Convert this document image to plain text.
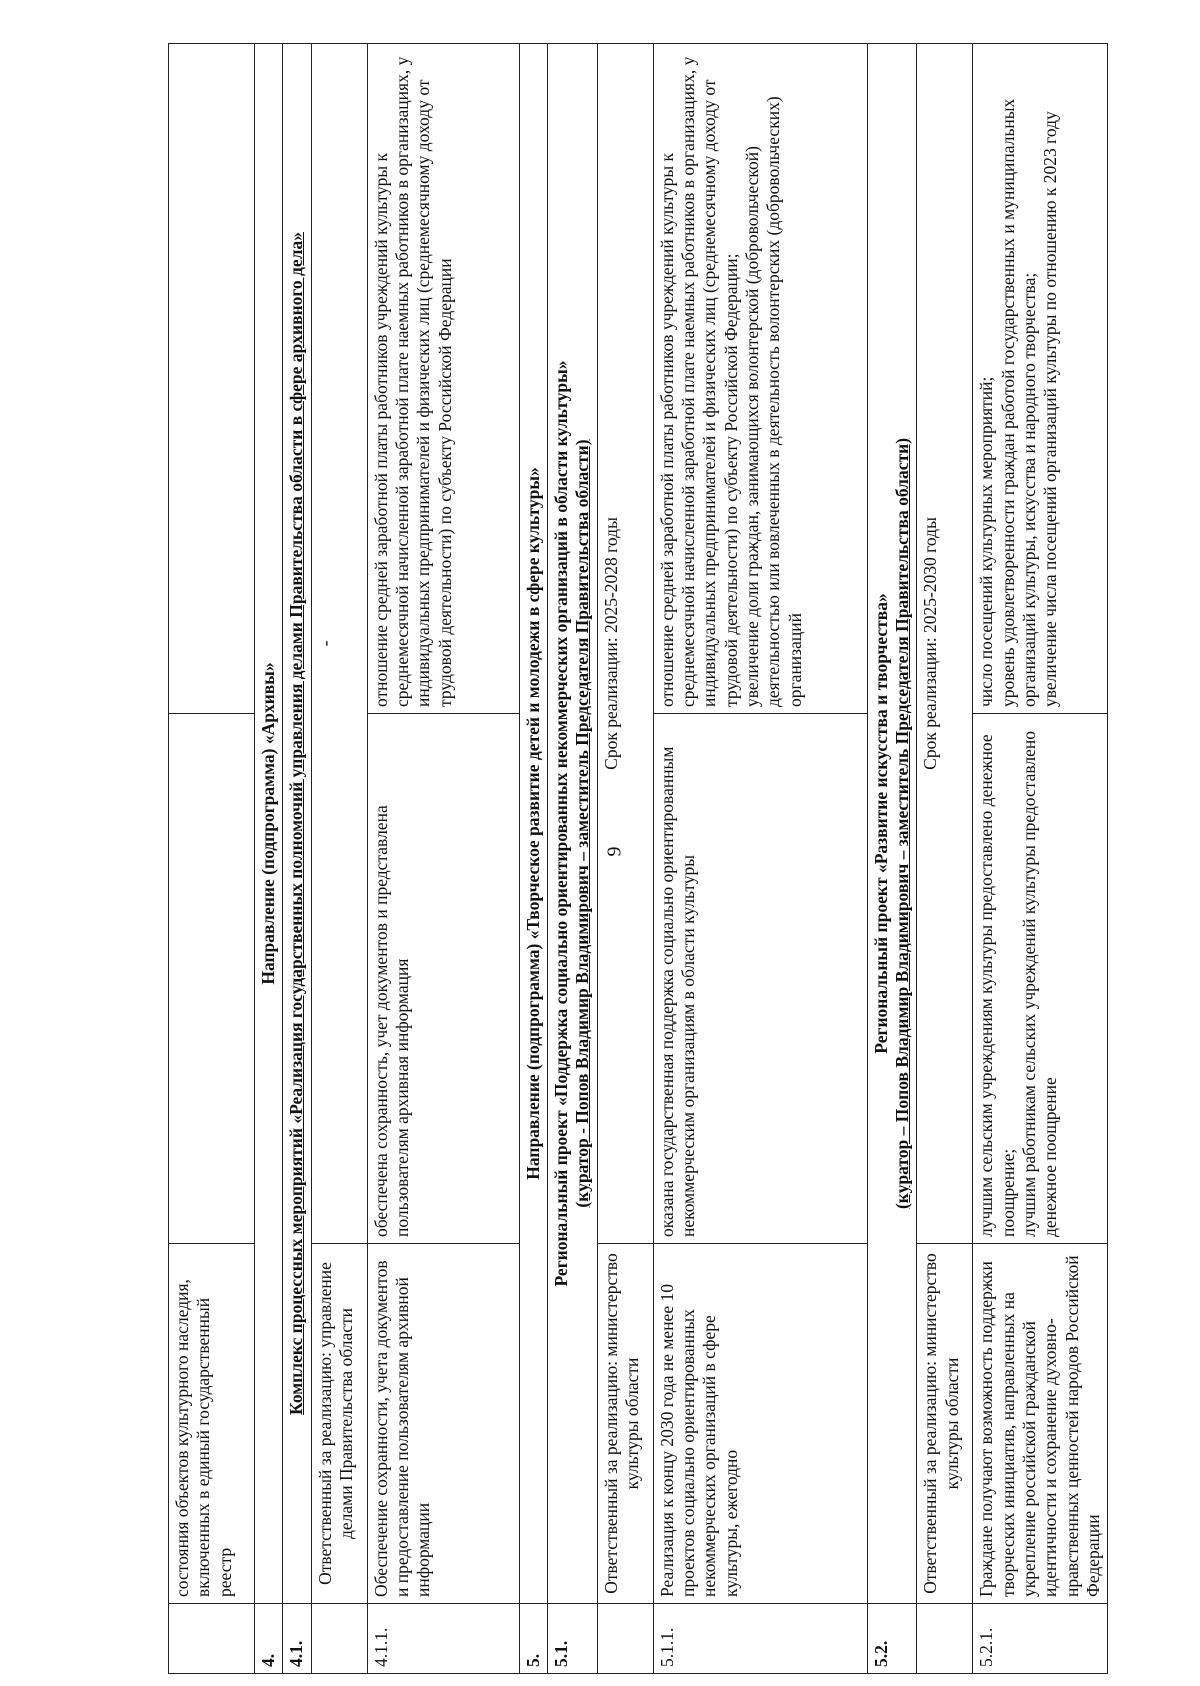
9
	состояния объектов культурного наследия, включенных в единый государственный реестр		
4.	Направление (подпрограмма) «Архивы»		
4.1.	Комплекс процессных мероприятий «Реализация государственных полномочий управления делами Правительства области в сфере архивного дела»		
	Ответственный за реализацию: управление делами Правительства области	-	
4.1.1.	Обеспечение сохранности, учета документов и предоставление пользователям архивной информации	обеспечена сохранность, учет документов и представлена пользователям архивная информация	отношение средней заработной платы работников учреждений культуры к среднемесячной начисленной заработной плате наемных работников в организациях, у индивидуальных предпринимателей и физических лиц (среднемесячному доходу от трудовой деятельности) по субъекту Российской Федерации
5.	Направление (подпрограмма) «Творческое развитие детей и молодежи в сфере культуры»		
5.1.	Региональный проект «Поддержка социально ориентированных некоммерческих организаций в области культуры» (куратор - Попов Владимир Владимирович – заместитель Председателя Правительства области)		

	Ответственный за реализацию: министерство культуры области	Срок реализации: 2025-2028 годы	
5.1.1.	Реализация к концу 2030 года не менее 10 проектов социально ориентированных некоммерческих организаций в сфере культуры, ежегодно	оказана государственная поддержка социально ориентированным некоммерческим организациям в области культуры	отношение средней заработной платы работников учреждений культуры к среднемесячной начисленной заработной плате наемных работников в организациях, у индивидуальных предпринимателей и физических лиц (среднемесячному доходу от трудовой деятельности) по субъекту Российской Федерации; увеличение доли граждан, занимающихся волонтерской (добровольческой) деятельностью или вовлеченных в деятельность волонтерских (добровольческих) организаций

5.2.	Региональный проект «Развитие искусства и творчества» (куратор – Попов Владимир Владимирович – заместитель Председателя Правительства области)		

	Ответственный за реализацию: министерство культуры области	Срок реализации: 2025-2030 годы	
5.2.1.	Граждане получают возможность поддержки творческих инициатив, направленных на укрепление российской гражданской идентичности и сохранение духовно-нравственных ценностей народов Российской Федерации	лучшим сельским учреждениям культуры предоставлено денежное поощрение; лучшим работникам сельских учреждений культуры предоставлено денежное поощрение	число посещений культурных мероприятий; уровень удовлетворенности граждан работой государственных и муниципальных организаций культуры, искусства и народного творчества; увеличение числа посещений организаций культуры по отношению к 2023 году
